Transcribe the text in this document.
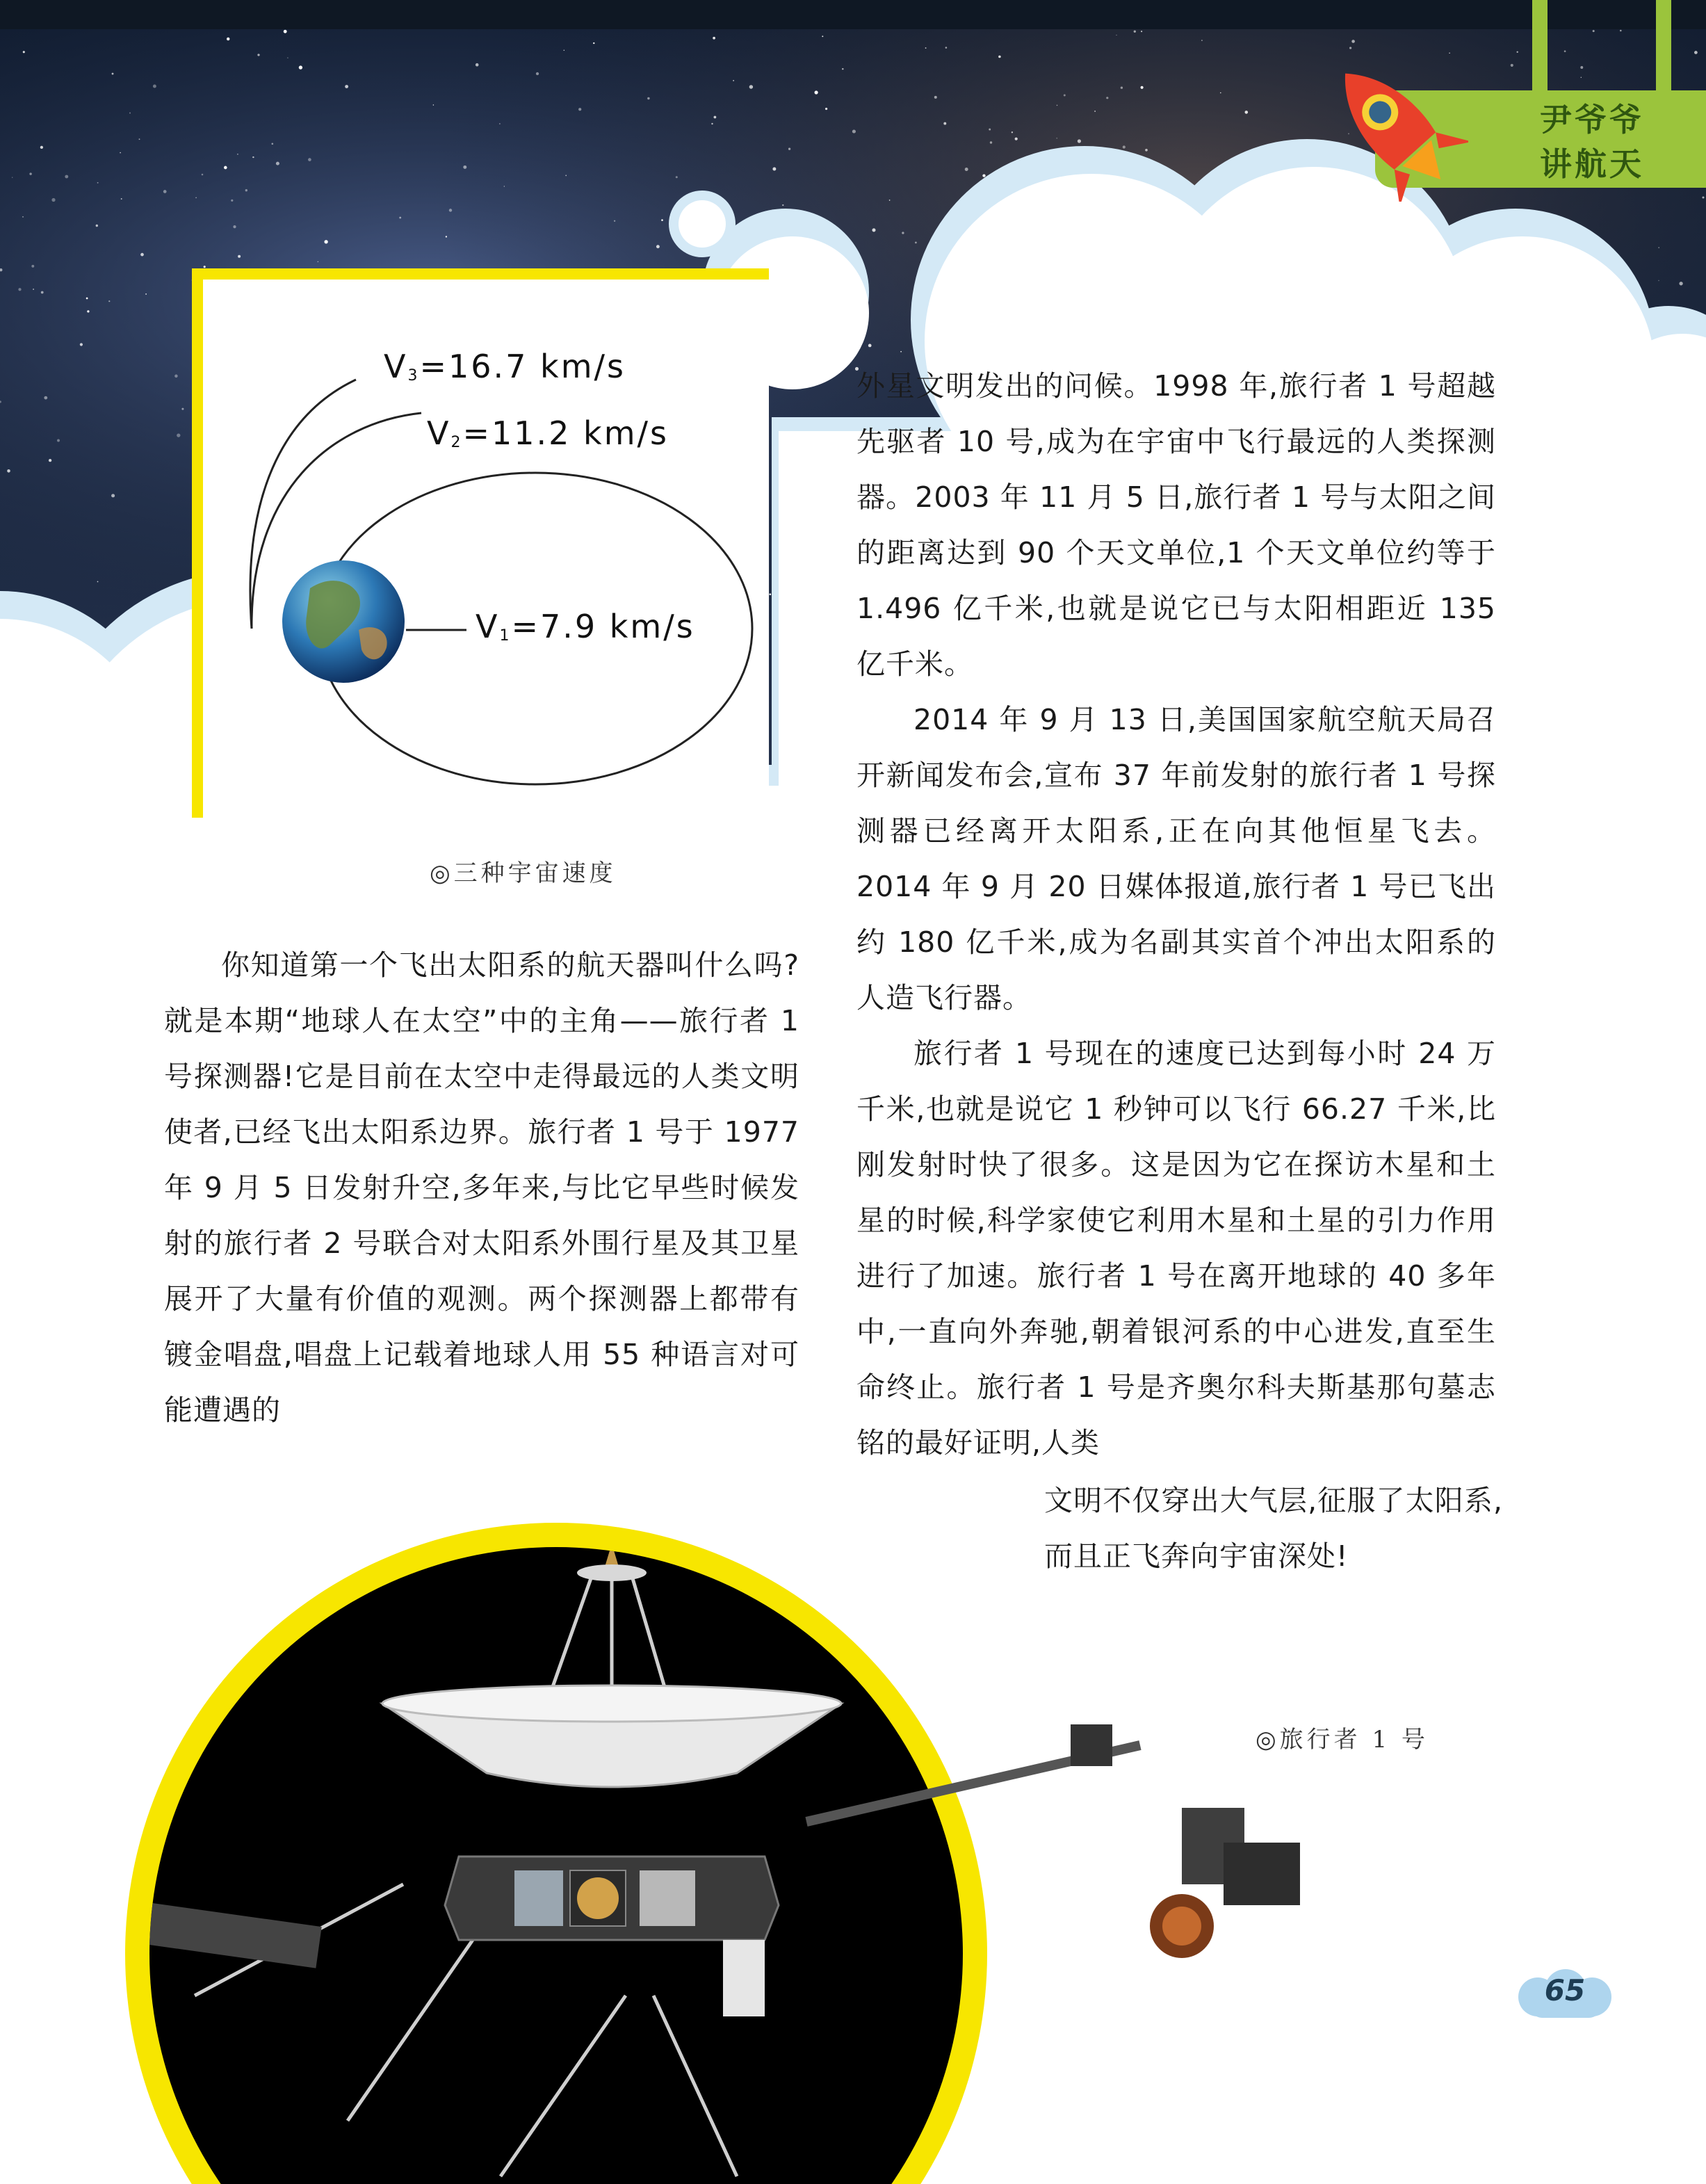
尹爷爷
讲航天
$V_3=16.7$ km/s
$V_2=11.2$ km/s
$V_1=7.9$ km/s
◎三种宇宙速度

你知道第一个飞出太阳系的航天器叫什么吗?就是本期“地球人在太空”中的主角——旅行者 1 号探测器!它是目前在太空中走得最远的人类文明使者,已经飞出太阳系边界。旅行者 1 号于 1977 年 9 月 5 日发射升空,多年来,与比它早些时候发射的旅行者 2 号联合对太阳系外围行星及其卫星展开了大量有价值的观测。两个探测器上都带有镀金唱盘,唱盘上记载着地球人用 55 种语言对可能遭遇的

外星文明发出的问候。1998 年,旅行者 1 号超越先驱者 10 号,成为在宇宙中飞行最远的人类探测器。2003 年 11 月 5 日,旅行者 1 号与太阳之间的距离达到 90 个天文单位,1 个天文单位约等于 1.496 亿千米,也就是说它已与太阳相距近 135 亿千米。

2014 年 9 月 13 日,美国国家航空航天局召开新闻发布会,宣布 37 年前发射的旅行者 1 号探测器已经离开太阳系,正在向其他恒星飞去。 2014 年 9 月 20 日媒体报道,旅行者 1 号已飞出约 180 亿千米,成为名副其实首个冲出太阳系的人造飞行器。

旅行者 1 号现在的速度已达到每小时 24 万千米,也就是说它 1 秒钟可以飞行 66.27 千米,比刚发射时快了很多。这是因为它在探访木星和土星的时候,科学家使它利用木星和土星的引力作用进行了加速。旅行者 1 号在离开地球的 40 多年中,一直向外奔驰,朝着银河系的中心进发,直至生命终止。旅行者 1 号是齐奥尔科夫斯基那句墓志铭的最好证明,人类

文明不仅穿出大气层,征服了太阳系,而且正飞奔向宇宙深处!

◎旅行者 1 号
65
